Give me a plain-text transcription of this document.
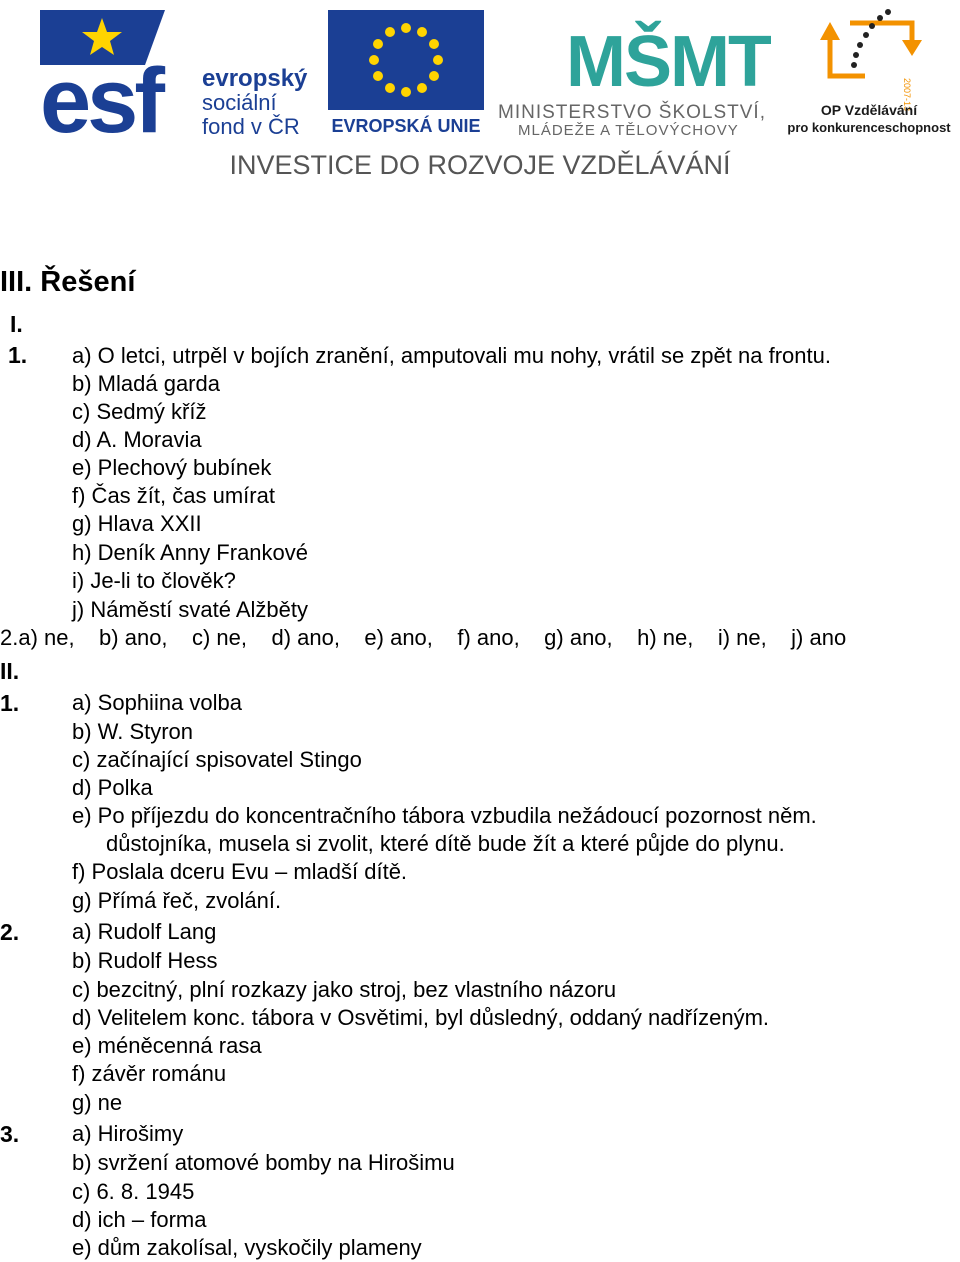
esf evropský
sociální
fond v ČR EVROPSKÁ UNIE
MŠMT
MINISTERSTVO ŠKOLSTVÍ,
MLÁDEŽE A TĚLOVÝCHOVY
2007-13
OP Vzdělávání
pro konkurenceschopnost
INVESTICE DO ROZVOJE VZDĚLÁVÁNÍ
III. Řešení
I.
1. a) O letci, utrpěl v bojích zranění, amputovali mu nohy, vrátil se zpět na frontu.
b) Mladá garda
c) Sedmý kříž
d) A. Moravia
e) Plechový bubínek
f) Čas žít, čas umírat
g) Hlava XXII
h) Deník Anny Frankové
i) Je-li to člověk?
j) Náměstí svaté Alžběty
2.a) ne,    b) ano,    c) ne,    d) ano,    e) ano,    f) ano,    g) ano,    h) ne,    i) ne,    j) ano
II.
1. a) Sophiina volba
b) W. Styron
c) začínající spisovatel Stingo
d) Polka
e) Po příjezdu do koncentračního tábora vzbudila nežádoucí pozornost něm.
důstojníka, musela si zvolit, které dítě bude žít a které půjde do plynu.
f) Poslala dceru Evu – mladší dítě.
g) Přímá řeč, zvolání.
2. a) Rudolf Lang
b) Rudolf Hess
c) bezcitný, plní rozkazy jako stroj, bez vlastního názoru
d) Velitelem konc. tábora v Osvětimi, byl důsledný, oddaný nadřízeným.
e) méněcenná rasa
f) závěr románu
g) ne
3. a) Hirošimy
b) svržení atomové bomby na Hirošimu
c) 6. 8. 1945
d) ich – forma
e) dům zakolísal, vyskočily plameny
